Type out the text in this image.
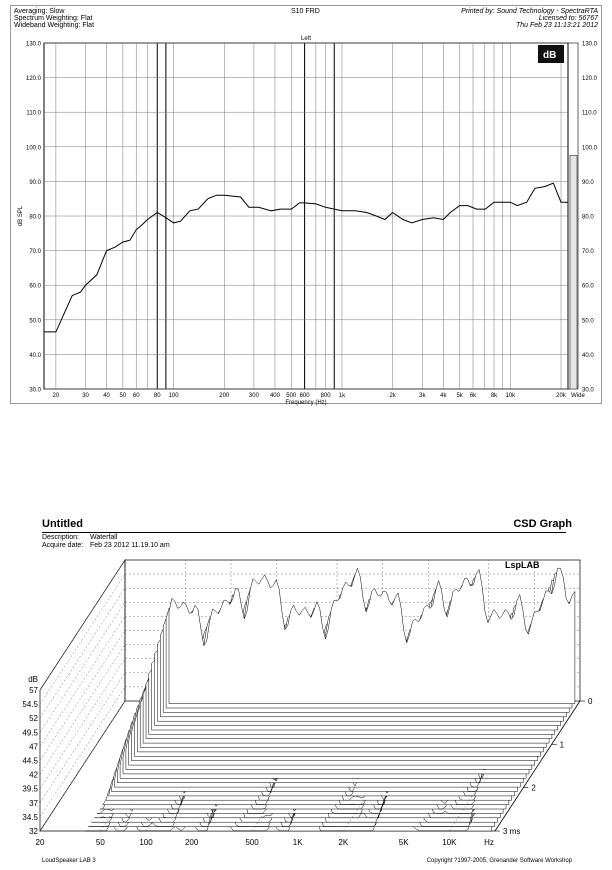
30.0	30.0
40.0	40.0
50.0	50.0
60.0	60.0
70.0	70.0
80.0	80.0
90.0	90.0
100.0	100.0
110.0	110.0
120.0	120.0
130.0	130.0
20	30 40 50 60 80 100	200	300 400 500 600 800 1k	2k	3k 4k 5k 6k 8k 10k	20k
Frequency (Hz)
Left
dB SPL
Wide
dB
Averaging: Slow
Spectrum Weighting: Flat
Wideband Weighting: Flat
S10 FRD	Printed by: Sound Technology - SpectraRTA
Licensed to: 56767
Thu Feb 23 11:13:21 2012
Untitled	CSD Graph
Description: Waterfall
Acquire date: Feb 23 2012 11.19.10 am
57
54.5
52
49.5
47
44.5
42
39.5
37
34.5
32
dB
20	50	100	200	500	1K	2K	5K	10K	Hz
0
1
2
3 ms
LspLAB
LoudSpeaker LAB 3	Copyright ?1997-2005, Grenander Software Workshop
